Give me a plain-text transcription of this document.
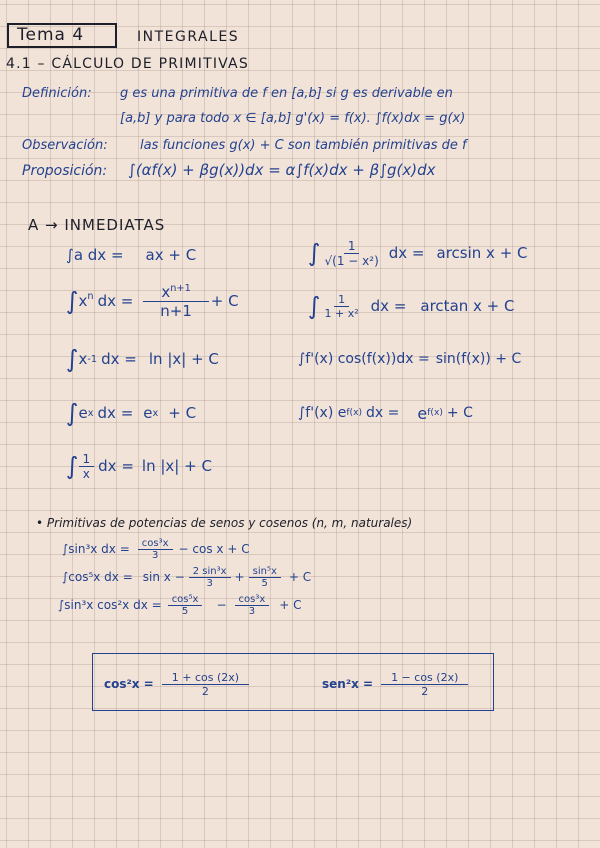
Tema 4	INTEGRALES
4.1 – CÁLCULO DE PRIMITIVAS
Definición: g es una primitiva de f en [a,b] si g es derivable en
[a,b] y para todo x ∈ [a,b] g'(x) = f(x). ∫f(x)dx = g(x)
Observación: las funciones g(x) + C son también primitivas de f
Proposición: ∫(αf(x) + βg(x))dx = α∫f(x)dx + β∫g(x)dx
A → INMEDIATAS
∫a dx = ax + C
∫ $x^n$ dx = $\frac{x^{n+1}}{n+1} + C$
∫ x -1 dx = ln |x| + C
∫ e x dx = e x + C
∫ $\frac{1}{x}$ dx = ln |x| + C
∫ $\frac{1}{\text{√(1 − x²)}}$ dx = arcsin x + C
∫ $\frac{1}{\text{1 + x²}}$ dx = arctan x + C
∫f'(x) cos(f(x))dx = sin(f(x)) + C
∫f'(x) e f(x) dx = e f(x) + C
• Primitivas de potencias de senos y cosenos (n, m, naturales)
∫sin³x dx = $\frac{\text{cos³x}}{3} - \cos x + C$
∫cos⁵x dx = $\sin x - \frac{\text{2 sin³x}}{3} + \frac{\text{sin⁵x}}{5} + C$
∫sin³x cos²x dx = $\frac{\text{cos⁵x}}{5} - \frac{\text{cos³x}}{3} + C$
$\cos^2x = \frac{1 + \cos (2x)}{2}$	$sen^2x = \frac{1 - \cos (2x)}{2}$
